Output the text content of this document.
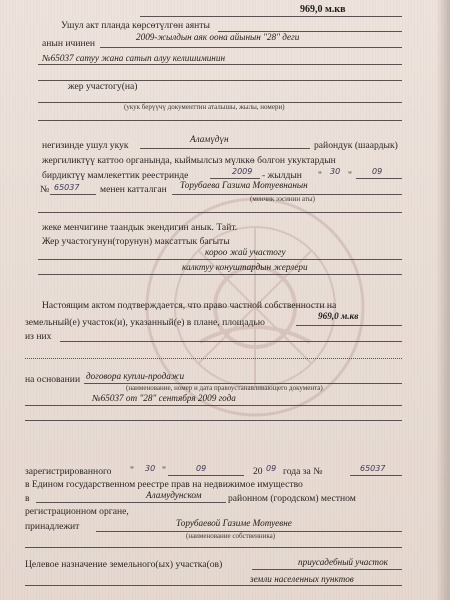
969,0 м.кв
Ушул акт планда көрсөтүлгөн аянты
анын ичинен
2009-жылдын аяк оона айынын "28" деги
№65037 сатуу жана сатып алуу келишиминин
жер участогу(на)
(укук берүүчү документтин аталышы, жылы, номери)
негизинде ушул укук
Аламүдүн
райондук (шаардык)
жергиликтүү каттоо органында, кыймылсыз мүлккө болгон укуктардын
бирдиктүү мамлекеттик реестринде	2009 - жылдын " 30 "	09
№ 65037 менен катталган Торубаева Газима Мотуевнанын
(менчик ээсинин аты)
жеке менчигине таандык экендигин анык. Тайт.
Жер участогунун(торунун) максаттык багыты
короо жай участогу
калктуу конуштардын жерлери
Настоящим актом подтверждается, что право частной собственности на
земельный(е) участок(и), указанный(е) в плане, площадью
969,0 м.кв
из них
на основании договора купли-продажи
(наименование, номер и дата правоустанавливающего документа)
№65037 от "28" сентября 2009 года
зарегистрированного " 30 "	09	20 09 года за №	65037
в Едином государственном реестре прав на недвижимое имущество
в	Аламудунском	районном (городском) местном
регистрационном органе,
принадлежит	Торубаевой Газиме Мотуевне
(наименование собственника)
Целевое назначение земельного(ых) участка(ов)	приусадебный участок
земли населенных пунктов
